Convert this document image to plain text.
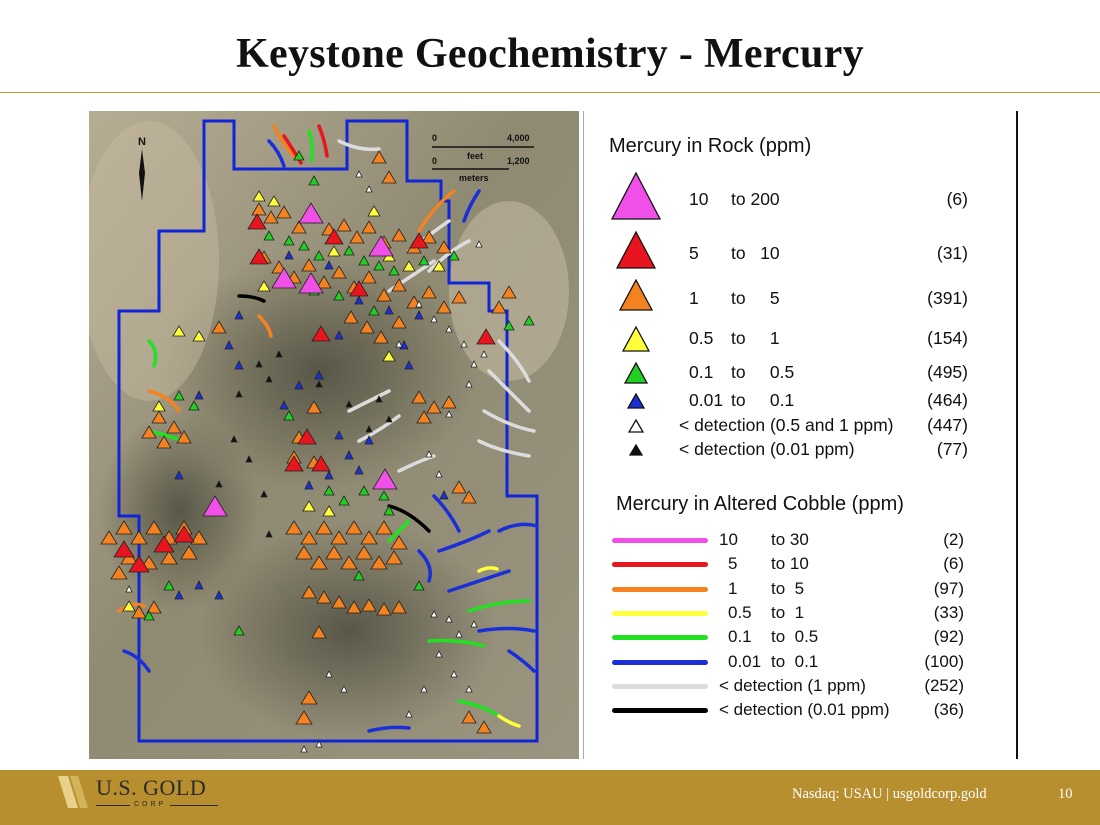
Keystone Geochemistry - Mercury
N	0	4,000
feet
0	1,200
meters
Mercury in Rock (ppm)
10 to 200	(6)
5 to   10	(31)
1 to     5	(391)
0.5 to     1	(154)
0.1 to     0.5	(495)
0.01 to     0.1	(464)
< detection (0.5 and 1 ppm) (447)
< detection (0.01 ppm)	(77)
Mercury in Altered Cobble (ppm)
10 to 30	(2)
5 to 10	(6)
1 to  5	(97)
0.5 to  1	(33)
0.1 to  0.5	(92)
0.01 to  0.1	(100)
< detection (1 ppm)	(252)
< detection (0.01 ppm)	(36)
U.S. GOLD
CORP
Nasdaq: USAU | usgoldcorp.gold	10
